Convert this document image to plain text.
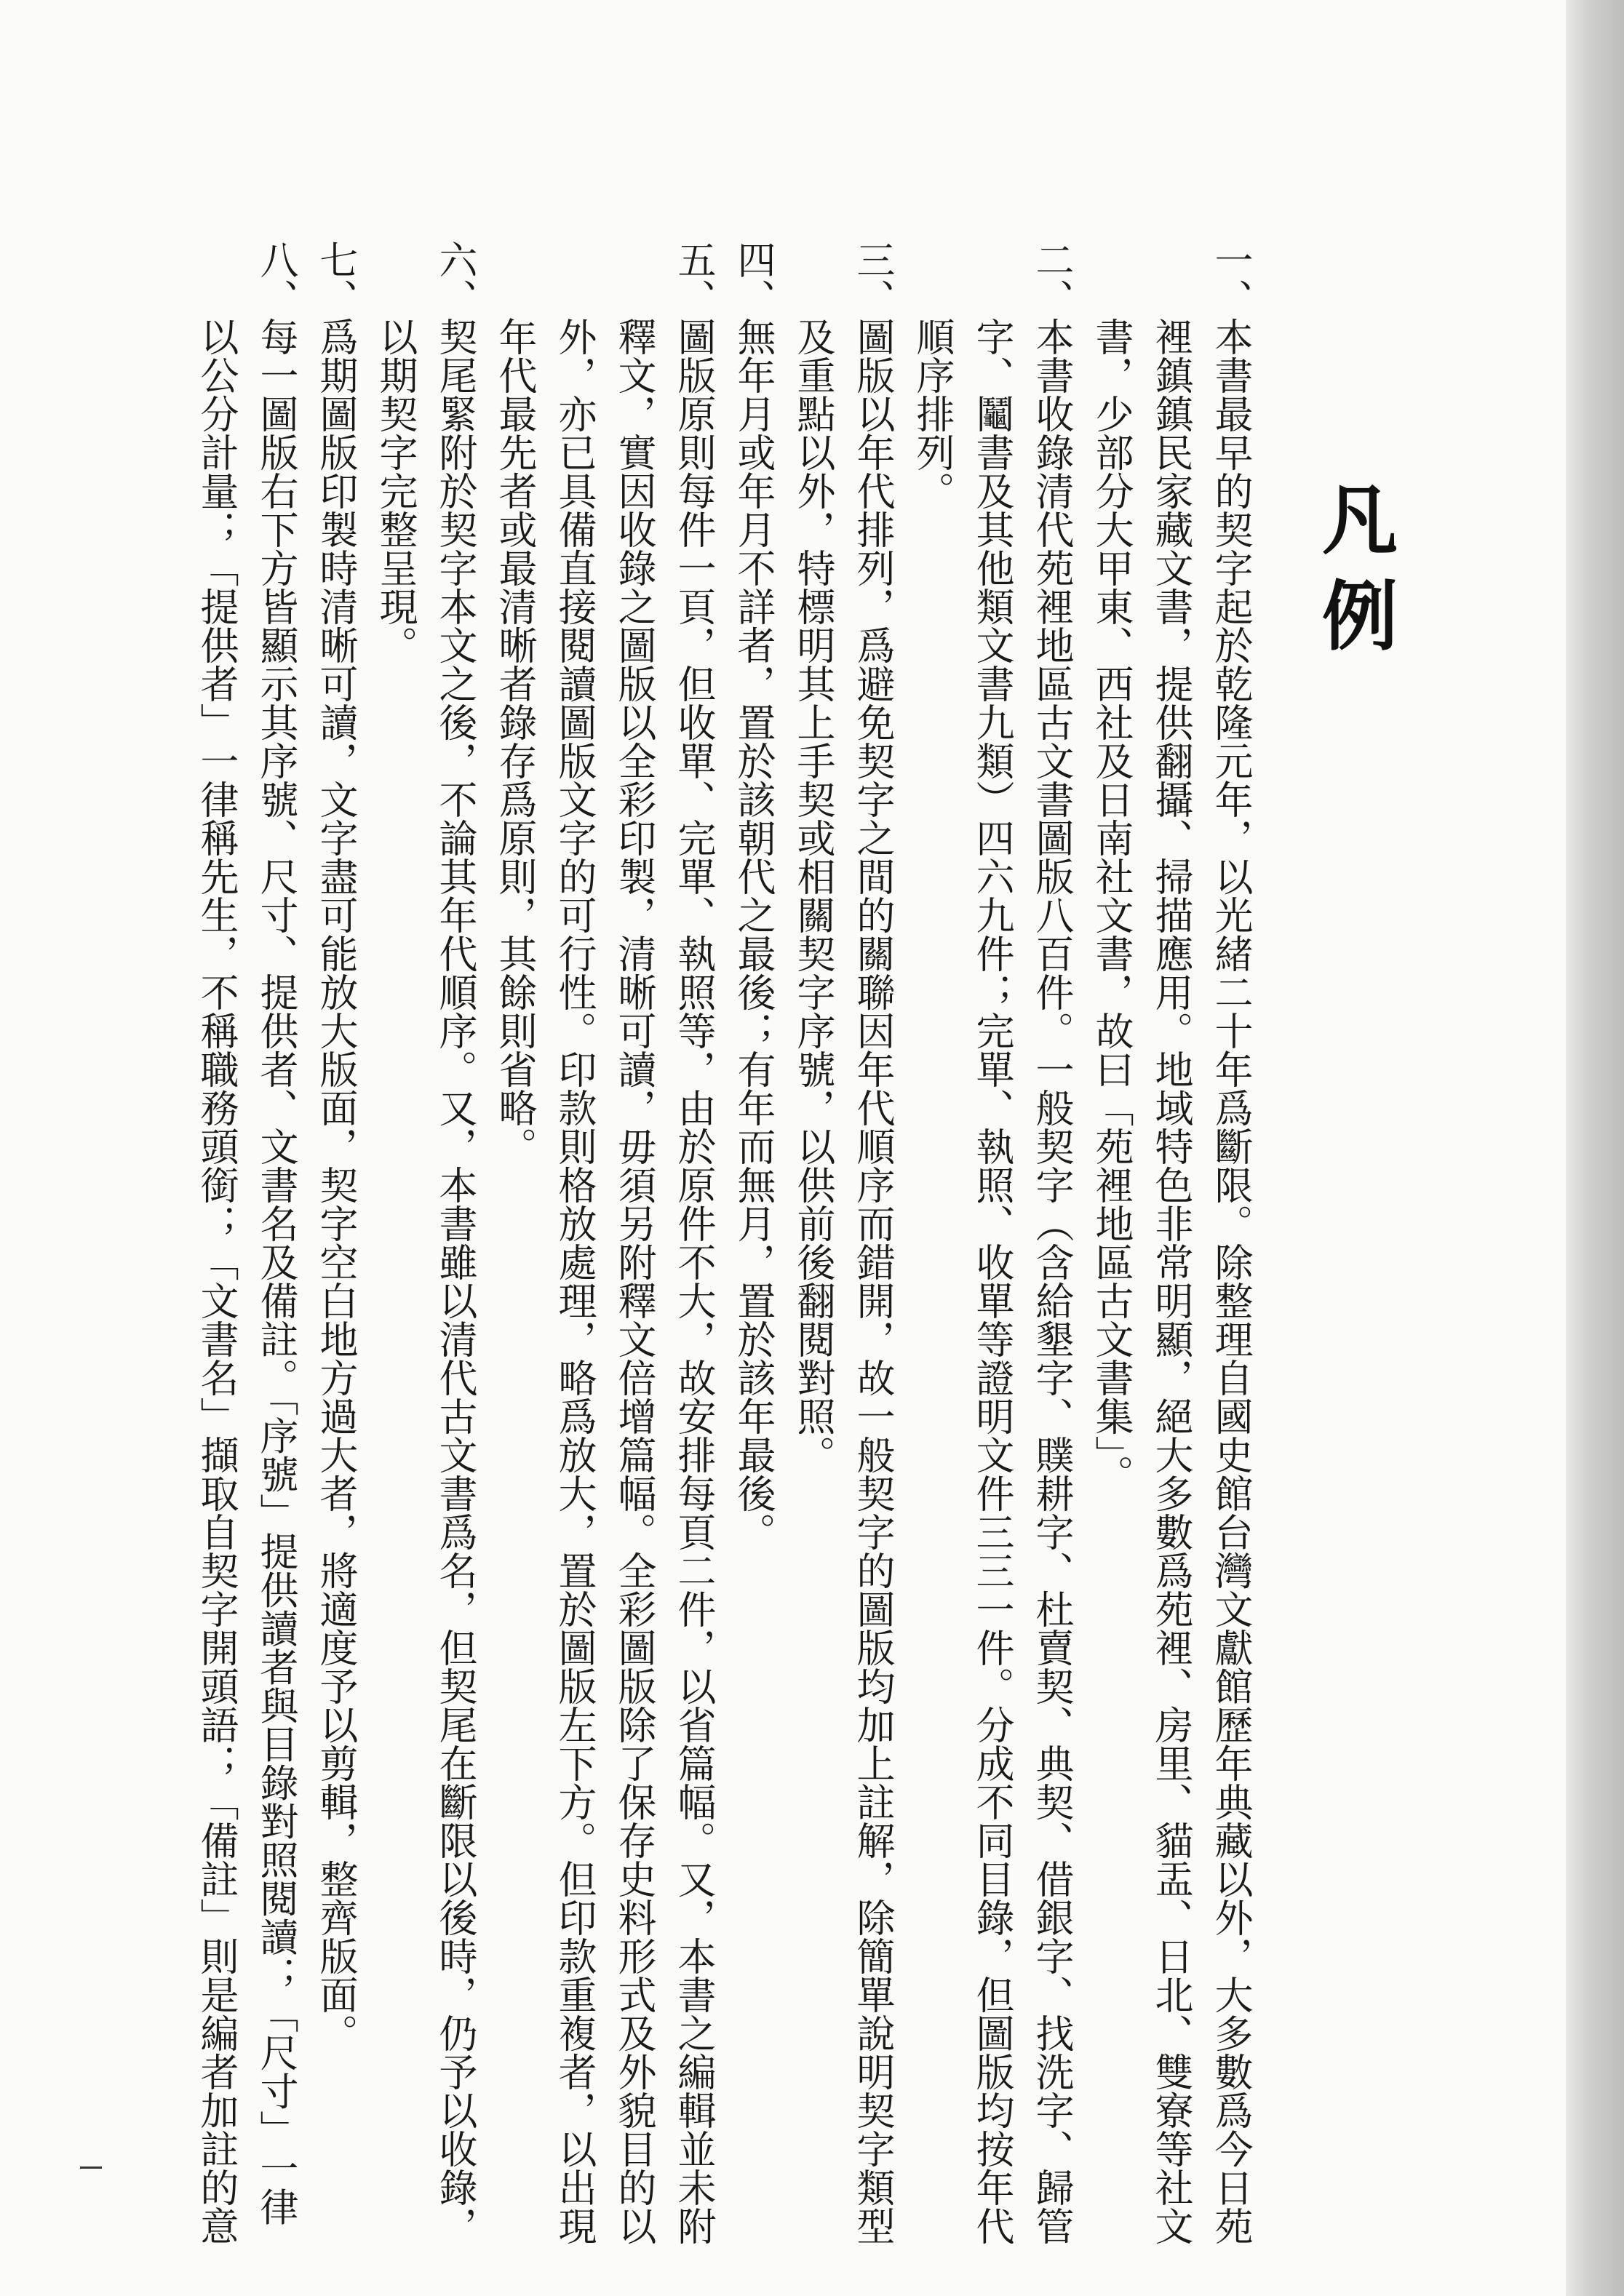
凡例
一、本書最早的契字起於乾隆元年，以光緒二十年爲斷限。除整理自國史館台灣文獻館歷年典藏以外，大多數爲今日苑
裡鎮鎮民家藏文書，提供翻攝、掃描應用。地域特色非常明顯，絕大多數爲苑裡、房里、貓盂、日北、雙寮等社文
書，少部分大甲東、西社及日南社文書，故曰「苑裡地區古文書集」。
二、本書收錄清代苑裡地區古文書圖版八百件。一般契字（含給墾字、贌耕字、杜賣契、典契、借銀字、找洗字、歸管
字、鬮書及其他類文書九類）四六九件；完單、執照、收單等證明文件三三一件。分成不同目錄，但圖版均按年代
順序排列。
三、圖版以年代排列，爲避免契字之間的關聯因年代順序而錯開，故一般契字的圖版均加上註解，除簡單說明契字類型
及重點以外，特標明其上手契或相關契字序號，以供前後翻閱對照。
四、無年月或年月不詳者，置於該朝代之最後；有年而無月，置於該年最後。
五、圖版原則每件一頁，但收單、完單、執照等，由於原件不大，故安排每頁二件，以省篇幅。又，本書之編輯並未附
釋文，實因收錄之圖版以全彩印製，清晰可讀，毋須另附釋文倍增篇幅。全彩圖版除了保存史料形式及外貌目的以
外，亦已具備直接閱讀圖版文字的可行性。印款則格放處理，略爲放大，置於圖版左下方。但印款重複者，以出現
年代最先者或最清晰者錄存爲原則，其餘則省略。
六、契尾緊附於契字本文之後，不論其年代順序。又，本書雖以清代古文書爲名，但契尾在斷限以後時，仍予以收錄，
以期契字完整呈現。
七、爲期圖版印製時清晰可讀，文字盡可能放大版面，契字空白地方過大者，將適度予以剪輯，整齊版面。
八、每一圖版右下方皆顯示其序號、尺寸、提供者、文書名及備註。「序號」提供讀者與目錄對照閱讀；「尺寸」一律
以公分計量；「提供者」一律稱先生，不稱職務頭銜；「文書名」擷取自契字開頭語；「備註」則是編者加註的意
